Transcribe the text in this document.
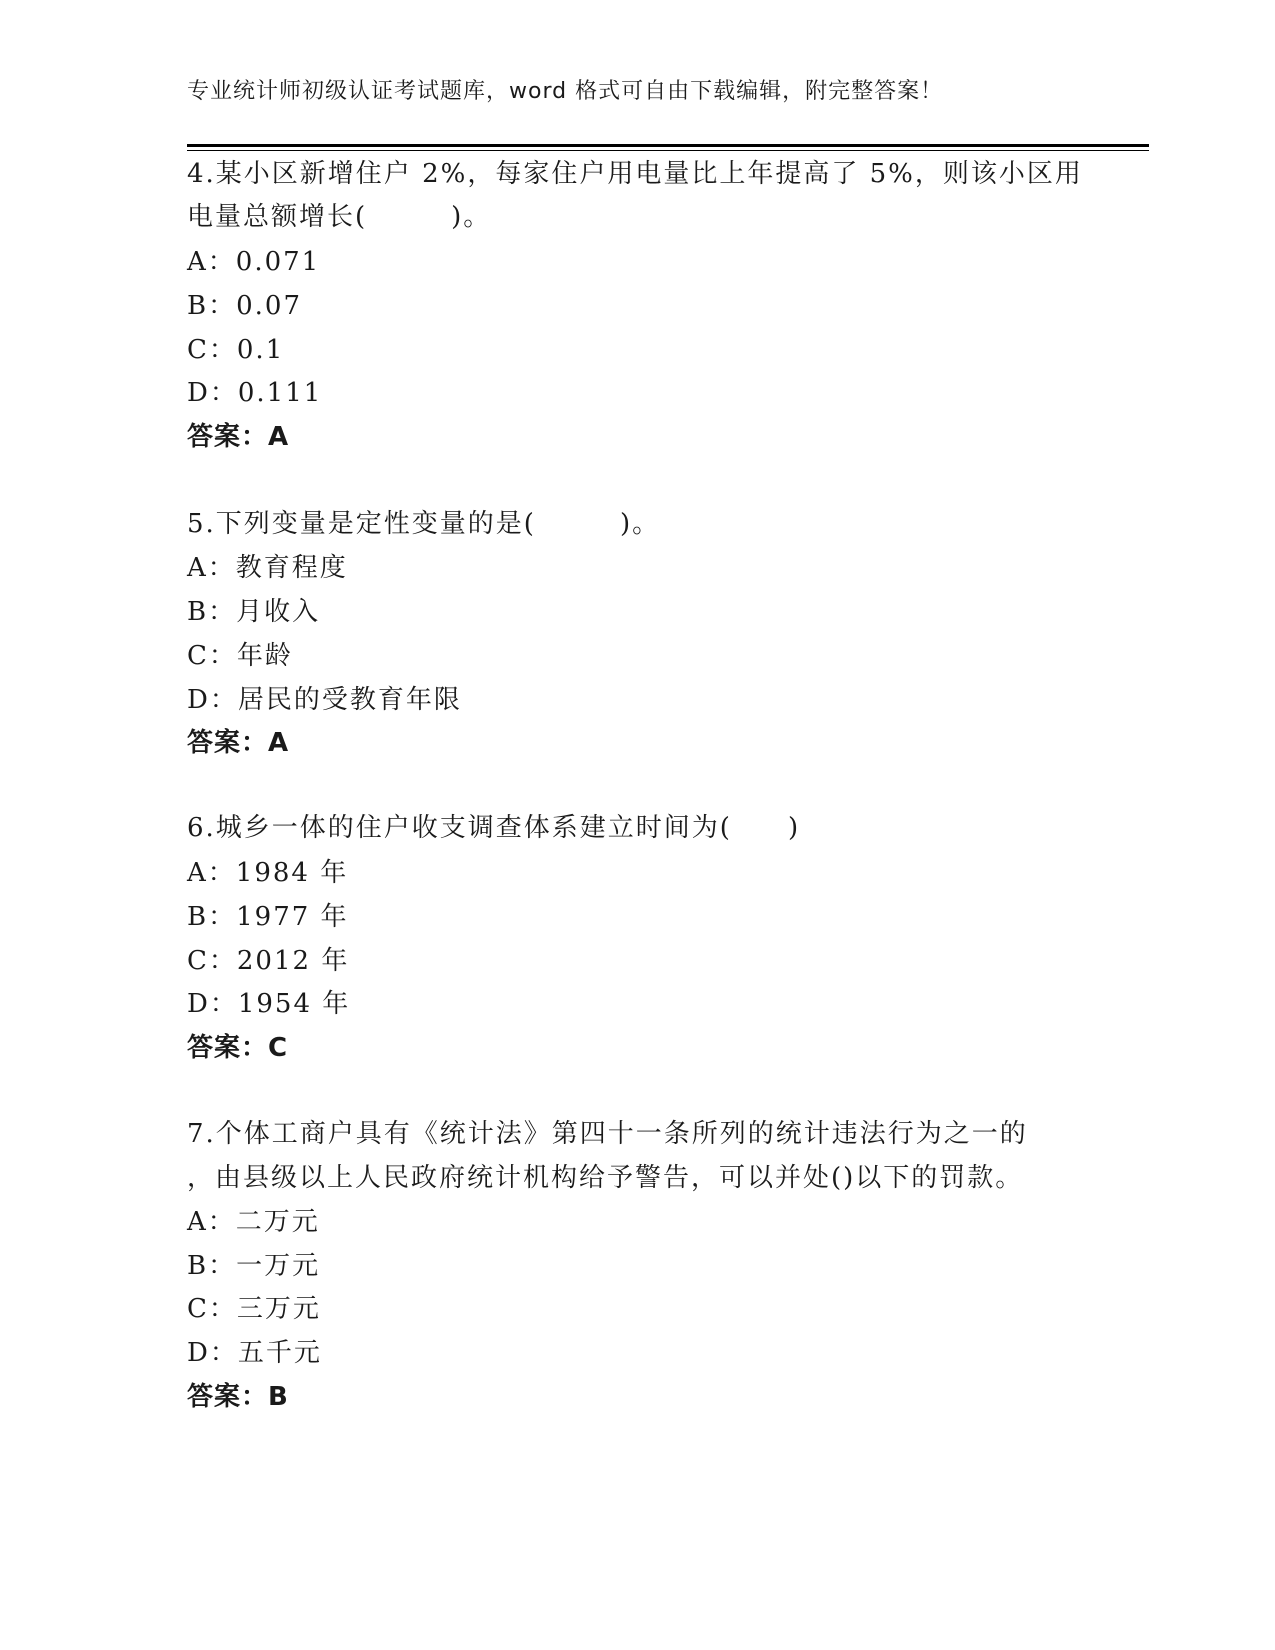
专业统计师初级认证考试题库，word 格式可自由下载编辑，附完整答案！
4.某小区新增住户 2%，每家住户用电量比上年提高了 5%，则该小区用
电量总额增长(　　　)。
A：0.071
B：0.07
C：0.1
D：0.111
答案：A
5.下列变量是定性变量的是(　　　)。
A：教育程度
B：月收入
C：年龄
D：居民的受教育年限
答案：A
6.城乡一体的住户收支调查体系建立时间为(　　)
A：1984 年
B：1977 年
C：2012 年
D：1954 年
答案：C
7.个体工商户具有《统计法》第四十一条所列的统计违法行为之一的
，由县级以上人民政府统计机构给予警告，可以并处()以下的罚款。
A：二万元
B：一万元
C：三万元
D：五千元
答案：B
